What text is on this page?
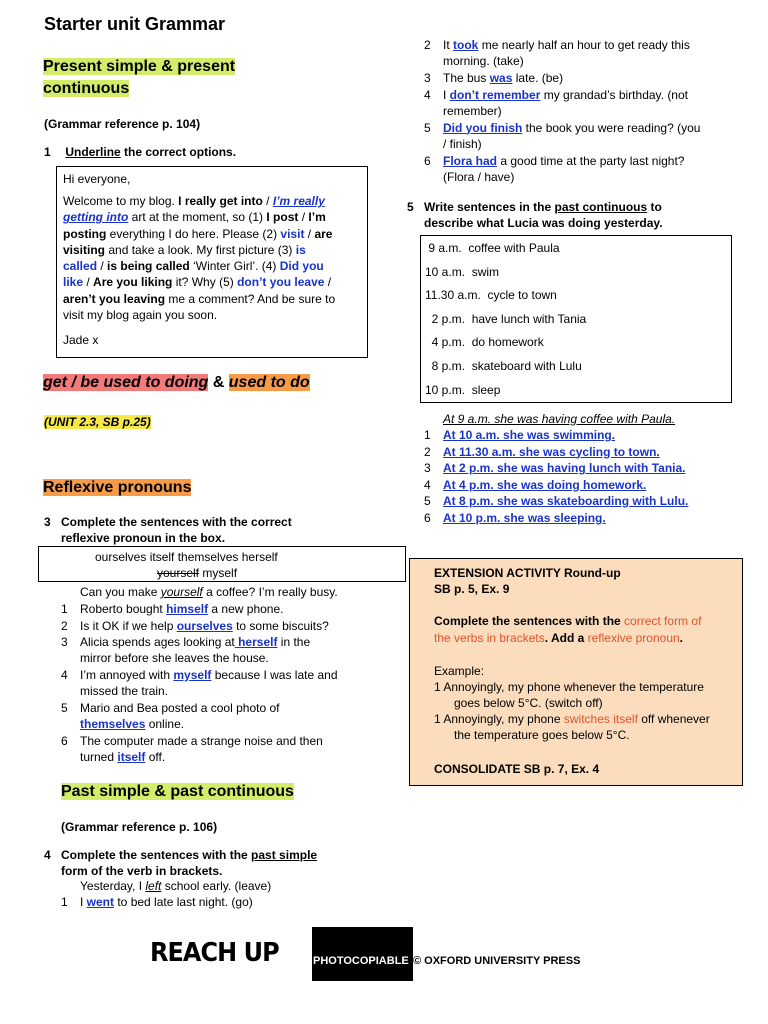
Starter unit Grammar
Present simple & present
continuous
(Grammar reference p. 104)
1 Underline the correct options.
Hi everyone,
Welcome to my blog. I really get into / I’m really
getting into art at the moment, so (1) I post / I’m
posting everything I do here. Please (2) visit / are
visiting and take a look. My first picture (3) is
called / is being called ‘Winter Girl’. (4) Did you
like / Are you liking it? Why (5) don’t you leave /
aren’t you leaving me a comment? And be sure to
visit my blog again you soon.
Jade x
get / be used to doing & used to do
(UNIT 2.3, SB p.25)
Reflexive pronouns
3 Complete the sentences with the correct
reflexive pronoun in the box.
ourselves itself themselves herself
yourself myself
Can you make yourself a coffee? I’m really busy.
1 Roberto bought himself a new phone.
2 Is it OK if we help ourselves to some biscuits?
3 Alicia spends ages looking at herself in the
mirror before she leaves the house.
4 I’m annoyed with myself because I was late and
missed the train.
5 Mario and Bea posted a cool photo of
themselves online.
6 The computer made a strange noise and then
turned itself off.
Past simple & past continuous
(Grammar reference p. 106)
4 Complete the sentences with the past simple
form of the verb in brackets.
Yesterday, I left school early. (leave)
1 I went to bed late last night. (go)
2 It took me nearly half an hour to get ready this
morning. (take)
3 The bus was late. (be)
4 I don’t remember my grandad’s birthday. (not
remember)
5 Did you finish the book you were reading? (you
/ finish)
6 Flora had a good time at the party last night?
(Flora / have)
5 Write sentences in the past continuous to
describe what Lucia was doing yesterday.
9 a.m.  coffee with Paula
10 a.m.  swim
11.30 a.m.  cycle to town
2 p.m.  have lunch with Tania
4 p.m.  do homework
8 p.m.  skateboard with Lulu
10 p.m.  sleep
At 9 a.m. she was having coffee with Paula.
1 At 10 a.m. she was swimming.
2 At 11.30 a.m. she was cycling to town.
3 At 2 p.m. she was having lunch with Tania.
4 At 4 p.m. she was doing homework.
5 At 8 p.m. she was skateboarding with Lulu.
6 At 10 p.m. she was sleeping.
EXTENSION ACTIVITY Round-up
SB p. 5, Ex. 9
Complete the sentences with the correct form of
the verbs in brackets. Add a reflexive pronoun.
Example:
1 Annoyingly, my phone whenever the temperature
goes below 5°C. (switch off)
1 Annoyingly, my phone switches itself off whenever
the temperature goes below 5°C.
CONSOLIDATE SB p. 7, Ex. 4
REACH UP	PHOTOCOPIABLE © OXFORD UNIVERSITY PRESS
